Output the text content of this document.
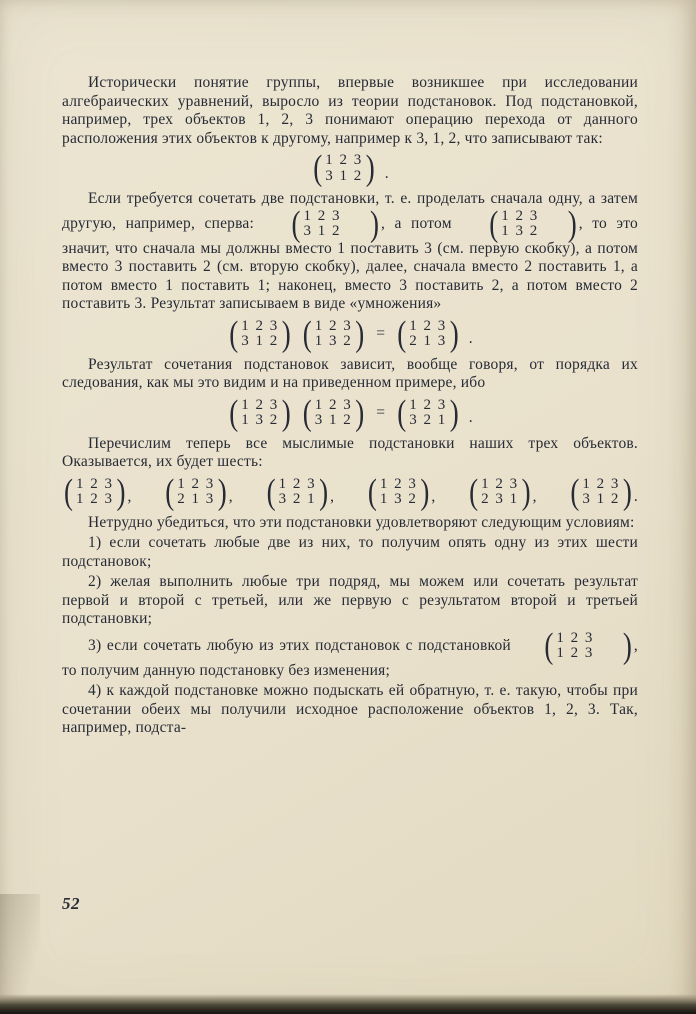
Исторически понятие группы, впервые возникшее при исследовании алгебраических уравнений, выросло из теории подстановок. Под подстановкой, например, трех объектов 1, 2, 3 понимают операцию перехода от данного расположения этих объектов к другому, например к 3, 1, 2, что записывают так:

( 1 2 3
3 1 2 ) .

Если требуется сочетать две подстановки, т. е. проделать сначала одну, а затем другую, например, сперва:	( 1 2 3
3 1 2	) , а потом	( 1 2 3
1 3 2	) , то это значит, что сначала мы должны вместо 1 поставить 3 (см. первую скобку), а потом вместо 3 поставить 2 (см. вторую скобку), далее, сначала вместо 2 поставить 1, а потом вместо 1 поставить 1; наконец, вместо 3 поставить 2, а потом вместо 2 поставить 3. Результат записываем в виде «умножения»

( 1 2 3
3 1 2 ) ( 1 2 3
1 3 2 ) = ( 1 2 3
2 1 3 ) .

Результат сочетания подстановок зависит, вообще говоря, от порядка их следования, как мы это видим и на приведенном примере, ибо

( 1 2 3
1 3 2 ) ( 1 2 3
3 1 2 ) = ( 1 2 3
3 2 1 ) .

Перечислим теперь все мыслимые подстановки наших трех объектов. Оказывается, их будет шесть:

( 1 2 3
1 2 3 ) , ( 1 2 3
2 1 3 ) , ( 1 2 3
3 2 1 ) , ( 1 2 3
1 3 2 ) , ( 1 2 3
2 3 1 ) , ( 1 2 3
3 1 2 ) .

Нетрудно убедиться, что эти подстановки удовлетворяют следующим условиям:

1) если сочетать любые две из них, то получим опять одну из этих шести подстановок;

2) желая выполнить любые три подряд, мы можем или сочетать результат первой и второй с третьей, или же первую с результатом второй и третьей подстановки;

3) если сочетать любую из этих подстановок с подстановкой	( 1 2 3
1 2 3	) , то получим данную подстановку без изменения;

4) к каждой подстановке можно подыскать ей обратную, т. е. такую, чтобы при сочетании обеих мы получили исходное расположение объектов 1, 2, 3. Так, например, подста-

52
